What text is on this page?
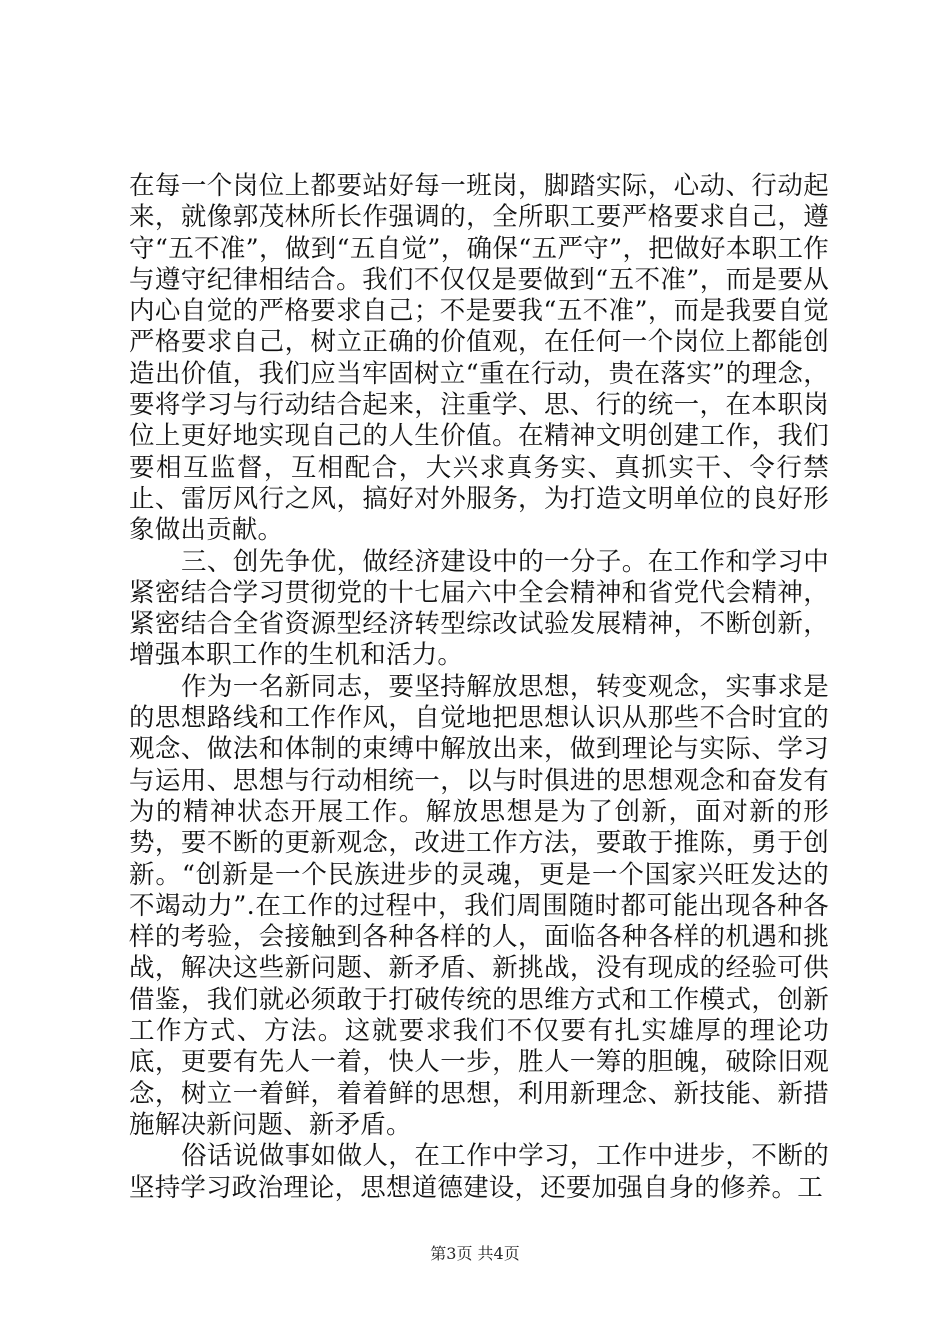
在每一个岗位上都要站好每一班岗，脚踏实际，心动、行动起来，就像郭茂林所长作强调的，全所职工要严格要求自己，遵守“五不准”，做到“五自觉”，确保“五严守”，把做好本职工作与遵守纪律相结合。我们不仅仅是要做到“五不准”，而是要从内心自觉的严格要求自己；不是要我“五不准”，而是我要自觉严格要求自己，树立正确的价值观，在任何一个岗位上都能创造出价值，我们应当牢固树立“重在行动，贵在落实”的理念，要将学习与行动结合起来，注重学、思、行的统一，在本职岗位上更好地实现自己的人生价值。在精神文明创建工作，我们要相互监督，互相配合，大兴求真务实、真抓实干、令行禁止、雷厉风行之风，搞好对外服务，为打造文明单位的良好形象做出贡献。

三、创先争优，做经济建设中的一分子。在工作和学习中紧密结合学习贯彻党的十七届六中全会精神和省党代会精神，紧密结合全省资源型经济转型综改试验发展精神，不断创新，增强本职工作的生机和活力。

作为一名新同志，要坚持解放思想，转变观念，实事求是的思想路线和工作作风，自觉地把思想认识从那些不合时宜的观念、做法和体制的束缚中解放出来，做到理论与实际、学习与运用、思想与行动相统一，以与时俱进的思想观念和奋发有为的精神状态开展工作。解放思想是为了创新，面对新的形势，要不断的更新观念，改进工作方法，要敢于推陈，勇于创新。“创新是一个民族进步的灵魂，更是一个国家兴旺发达的不竭动力”.在工作的过程中，我们周围随时都可能出现各种各样的考验，会接触到各种各样的人，面临各种各样的机遇和挑战，解决这些新问题、新矛盾、新挑战，没有现成的经验可供借鉴，我们就必须敢于打破传统的思维方式和工作模式，创新工作方式、方法。这就要求我们不仅要有扎实雄厚的理论功底，更要有先人一着，快人一步，胜人一筹的胆魄，破除旧观念，树立一着鲜，着着鲜的思想，利用新理念、新技能、新措施解决新问题、新矛盾。

俗话说做事如做人，在工作中学习，工作中进步，不断的坚持学习政治理论，思想道德建设，还要加强自身的修养。工

第3页 共4页
